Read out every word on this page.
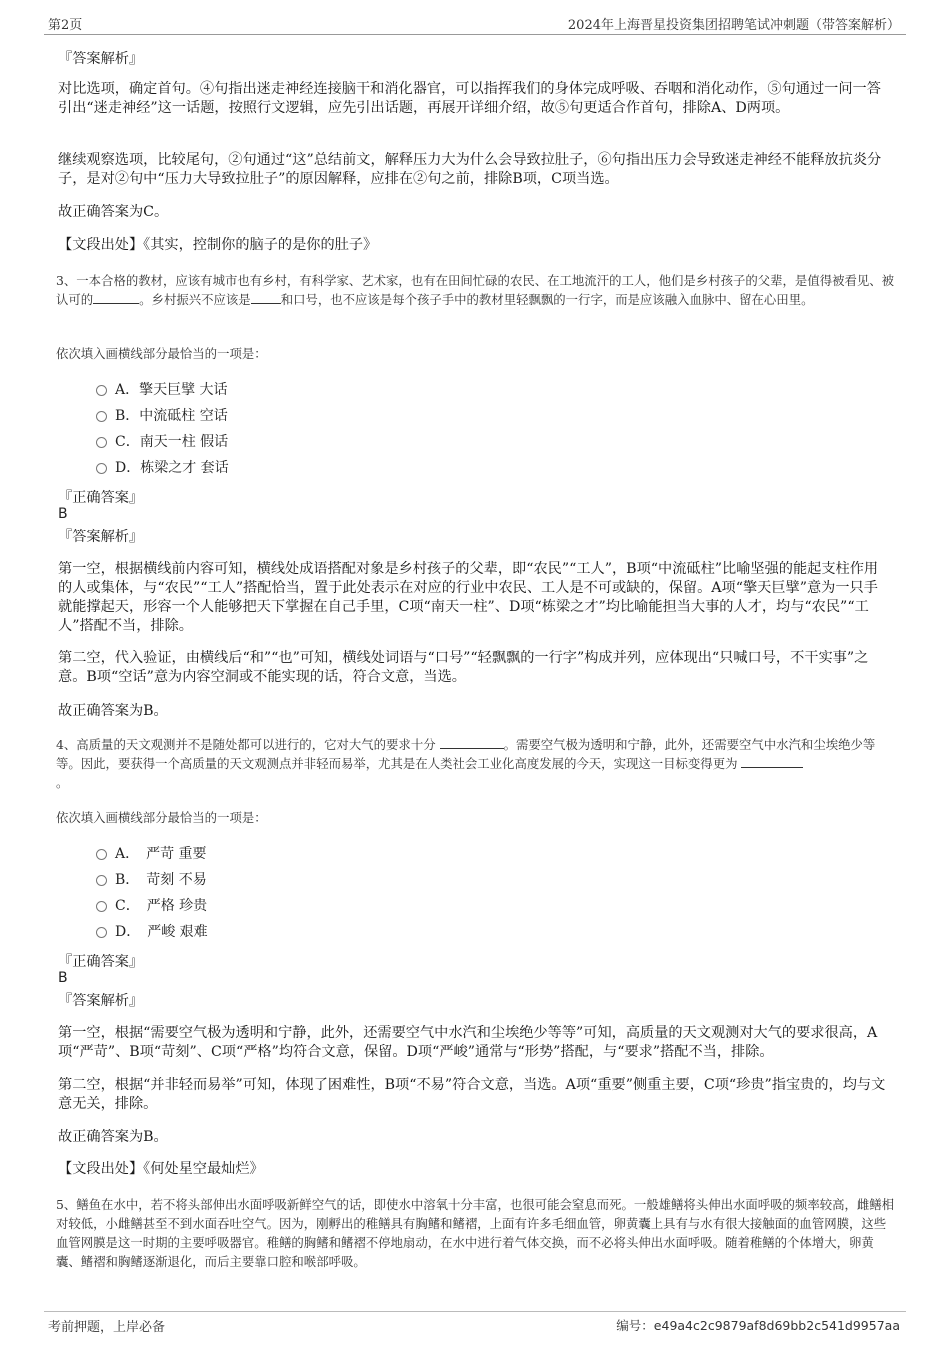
第2页	2024年上海晋星投资集团招聘笔试冲刺题（带答案解析）
『答案解析』
对比选项，确定首句。④句指出迷走神经连接脑干和消化器官，可以指挥我们的身体完成呼吸、吞咽和消化动作，⑤句通过一问一答引出“迷走神经”这一话题，按照行文逻辑，应先引出话题，再展开详细介绍，故⑤句更适合作首句，排除A、D两项。
继续观察选项，比较尾句，②句通过“这”总结前文，解释压力大为什么会导致拉肚子，⑥句指出压力会导致迷走神经不能释放抗炎分子，是对②句中“压力大导致拉肚子”的原因解释，应排在②句之前，排除B项，C项当选。
故正确答案为C。
【文段出处】《其实，控制你的脑子的是你的肚子》
3、一本合格的教材，应该有城市也有乡村，有科学家、艺术家，也有在田间忙碌的农民、在工地流汗的工人，他们是乡村孩子的父辈，是值得被看见、被认可的	。乡村振兴不应该是 和口号，也不应该是每个孩子手中的教材里轻飘飘的一行字，而是应该融入血脉中、留在心田里。
依次填入画横线部分最恰当的一项是：
A．擎天巨擘 大话
B．中流砥柱 空话
C．南天一柱 假话
D．栋梁之才 套话
『正确答案』
B
『答案解析』
第一空，根据横线前内容可知，横线处成语搭配对象是乡村孩子的父辈，即“农民”“工人”，B项“中流砥柱”比喻坚强的能起支柱作用的人或集体，与“农民”“工人”搭配恰当，置于此处表示在对应的行业中农民、工人是不可或缺的，保留。A项“擎天巨擘”意为一只手就能撑起天，形容一个人能够把天下掌握在自己手里，C项“南天一柱”、D项“栋梁之才”均比喻能担当大事的人才，均与“农民”“工人”搭配不当，排除。
第二空，代入验证，由横线后“和”“也”可知，横线处词语与“口号”“轻飘飘的一行字”构成并列，应体现出“只喊口号，不干实事”之意。B项“空话”意为内容空洞或不能实现的话，符合文意，当选。
故正确答案为B。
4、高质量的天文观测并不是随处都可以进行的，它对大气的要求十分	。需要空气极为透明和宁静，此外，还需要空气中水汽和尘埃绝少等等。因此，要获得一个高质量的天文观测点并非轻而易举，尤其是在人类社会工业化高度发展的今天，实现这一目标变得更为
。
依次填入画横线部分最恰当的一项是：
A．　严苛 重要
B．　苛刻 不易
C．　严格 珍贵
D．　严峻 艰难
『正确答案』
B
『答案解析』
第一空，根据“需要空气极为透明和宁静，此外，还需要空气中水汽和尘埃绝少等等”可知，高质量的天文观测对大气的要求很高，A项“严苛”、B项“苛刻”、C项“严格”均符合文意，保留。D项“严峻”通常与“形势”搭配，与“要求”搭配不当，排除。
第二空，根据“并非轻而易举”可知，体现了困难性，B项“不易”符合文意，当选。A项“重要”侧重主要，C项“珍贵”指宝贵的，均与文意无关，排除。
故正确答案为B。
【文段出处】《何处星空最灿烂》
5、鳝鱼在水中，若不将头部伸出水面呼吸新鲜空气的话，即使水中溶氧十分丰富，也很可能会窒息而死。一般雄鳝将头伸出水面呼吸的频率较高，雌鳝相对较低，小雌鳝甚至不到水面吞吐空气。因为，刚孵出的稚鳝具有胸鳍和鳍褶，上面有许多毛细血管，卵黄囊上具有与水有很大接触面的血管网膜，这些血管网膜是这一时期的主要呼吸器官。稚鳝的胸鳍和鳍褶不停地扇动，在水中进行着气体交换，而不必将头伸出水面呼吸。随着稚鳝的个体增大，卵黄囊、鳍褶和胸鳍逐渐退化，而后主要靠口腔和喉部呼吸。
考前押题，上岸必备	编号：e49a4c2c9879af8d69bb2c541d9957aa
